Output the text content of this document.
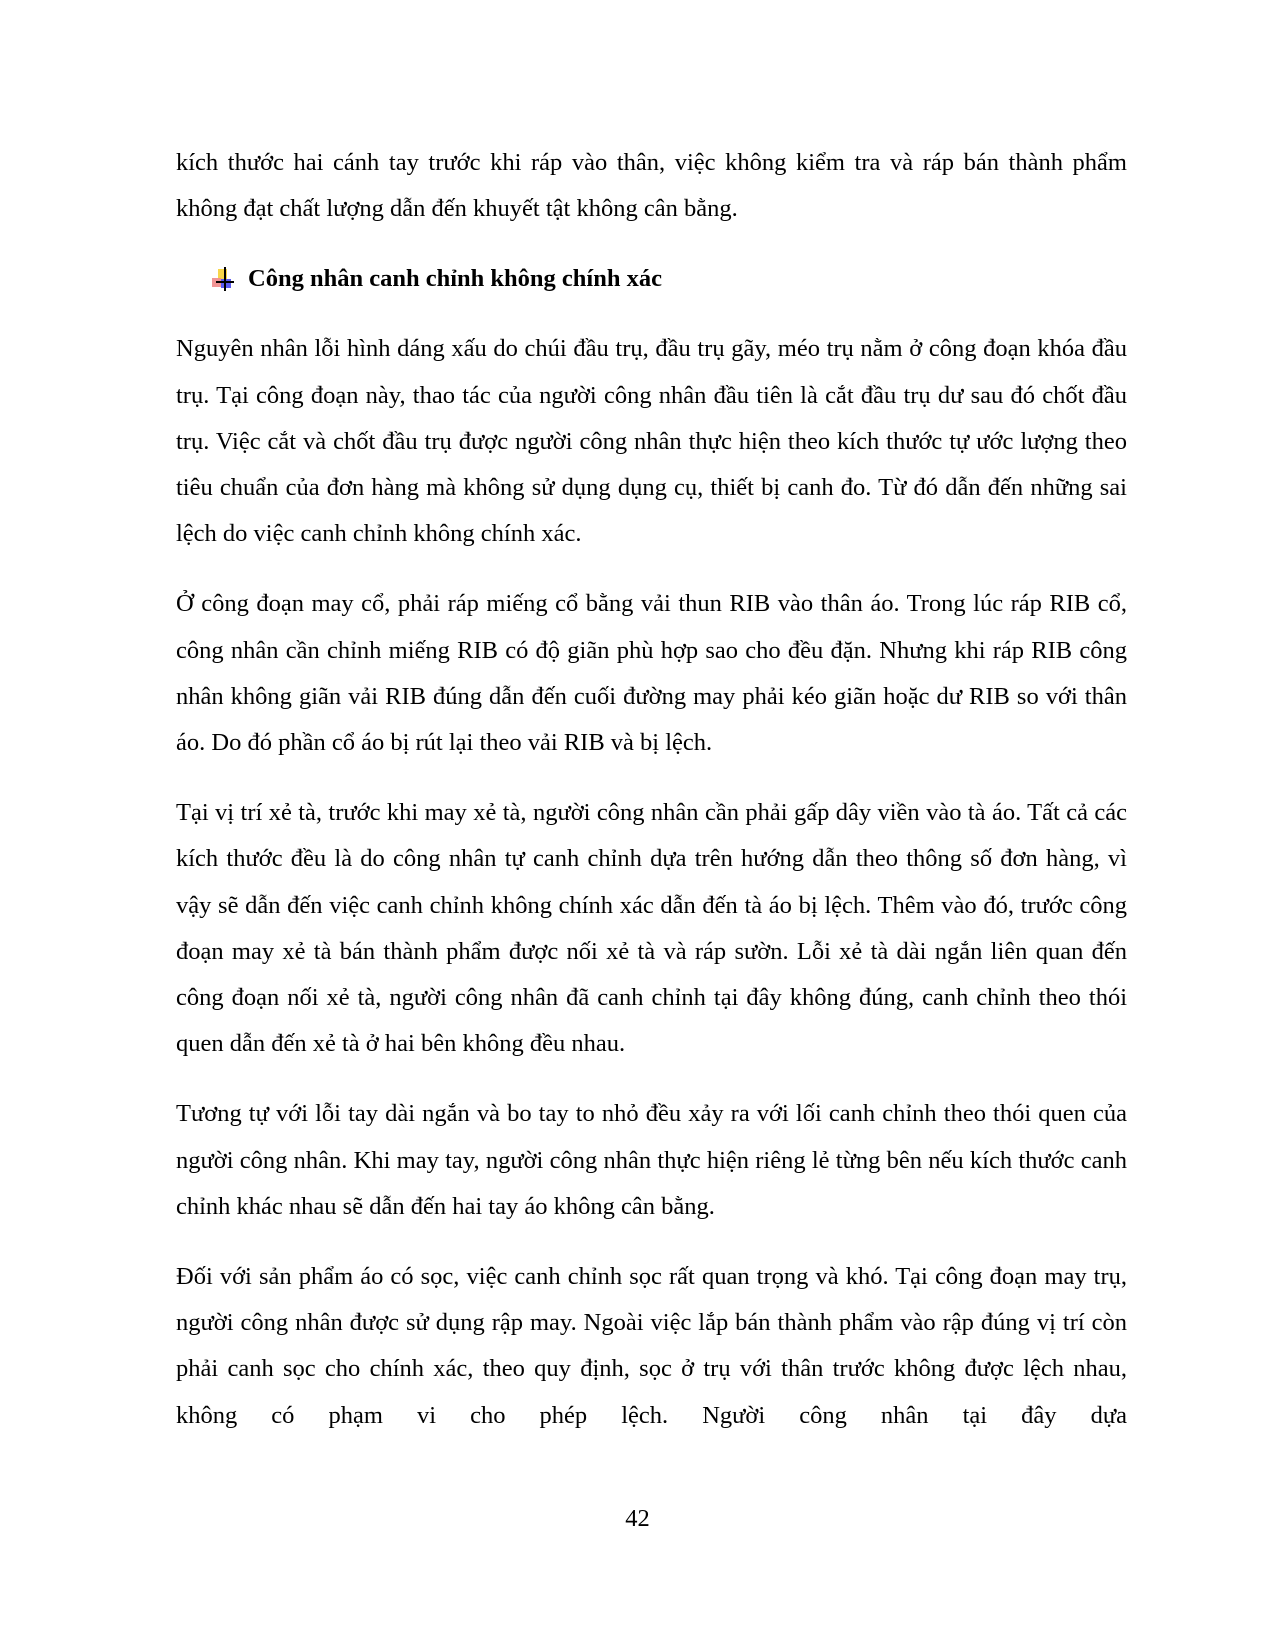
kích thước hai cánh tay trước khi ráp vào thân, việc không kiểm tra và ráp bán thành phẩm không đạt chất lượng dẫn đến khuyết tật không cân bằng.

Công nhân canh chỉnh không chính xác

Nguyên nhân lỗi hình dáng xấu do chúi đầu trụ, đầu trụ gãy, méo trụ nằm ở công đoạn khóa đầu trụ. Tại công đoạn này, thao tác của người công nhân đầu tiên là cắt đầu trụ dư sau đó chốt đầu trụ. Việc cắt và chốt đầu trụ được người công nhân thực hiện theo kích thước tự ước lượng theo tiêu chuẩn của đơn hàng mà không sử dụng dụng cụ, thiết bị canh đo. Từ đó dẫn đến những sai lệch do việc canh chỉnh không chính xác.

Ở công đoạn may cổ, phải ráp miếng cổ bằng vải thun RIB vào thân áo. Trong lúc ráp RIB cổ, công nhân cần chỉnh miếng RIB có độ giãn phù hợp sao cho đều đặn. Nhưng khi ráp RIB công nhân không giãn vải RIB đúng dẫn đến cuối đường may phải kéo giãn hoặc dư RIB so với thân áo. Do đó phần cổ áo bị rút lại theo vải RIB và bị lệch.

Tại vị trí xẻ tà, trước khi may xẻ tà, người công nhân cần phải gấp dây viền vào tà áo. Tất cả các kích thước đều là do công nhân tự canh chỉnh dựa trên hướng dẫn theo thông số đơn hàng, vì vậy sẽ dẫn đến việc canh chỉnh không chính xác dẫn đến tà áo bị lệch. Thêm vào đó, trước công đoạn may xẻ tà bán thành phẩm được nối xẻ tà và ráp sườn. Lỗi xẻ tà dài ngắn liên quan đến công đoạn nối xẻ tà, người công nhân đã canh chỉnh tại đây không đúng, canh chỉnh theo thói quen dẫn đến xẻ tà ở hai bên không đều nhau.

Tương tự với lỗi tay dài ngắn và bo tay to nhỏ đều xảy ra với lối canh chỉnh theo thói quen của người công nhân. Khi may tay, người công nhân thực hiện riêng lẻ từng bên nếu kích thước canh chỉnh khác nhau sẽ dẫn đến hai tay áo không cân bằng.

Đối với sản phẩm áo có sọc, việc canh chỉnh sọc rất quan trọng và khó. Tại công đoạn may trụ, người công nhân được sử dụng rập may. Ngoài việc lắp bán thành phẩm vào rập đúng vị trí còn phải canh sọc cho chính xác, theo quy định, sọc ở trụ với thân trước không được lệch nhau, không có phạm vi cho phép lệch. Người công nhân tại đây dựa

42
